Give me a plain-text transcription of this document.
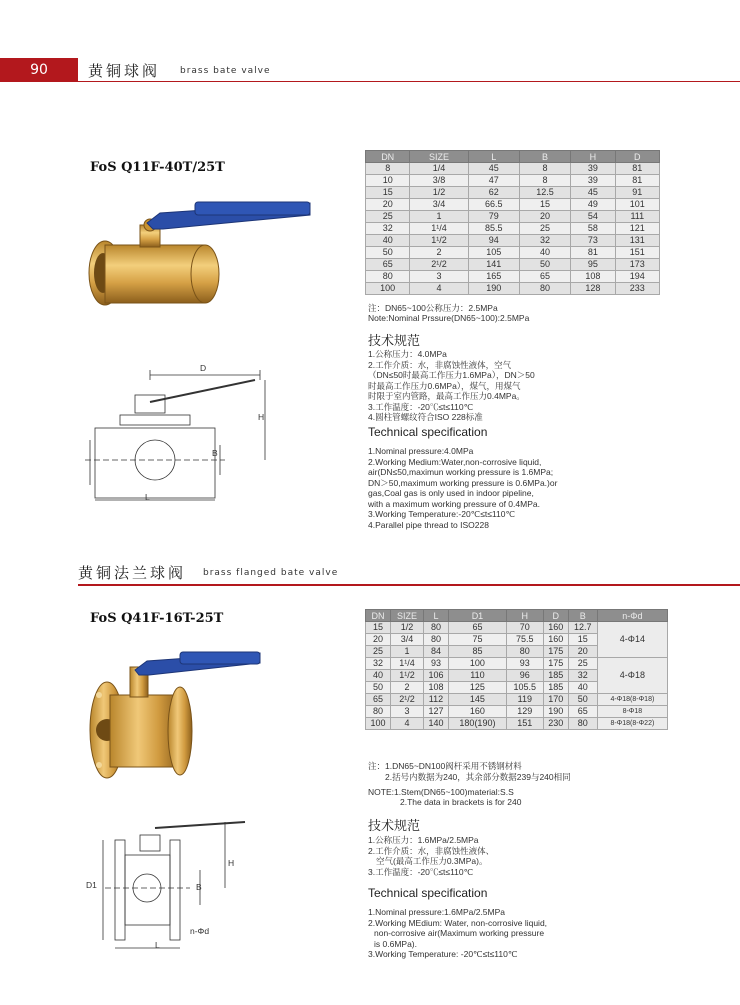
90	黄铜球阀 brass bate valve
FoS Q11F-40T/25T
D
H
B
L
DN	SIZE	L	B	H	D
8	1/4	45	8	39	81
10	3/8	47	8	39	81
15	1/2	62	12.5	45	91
20	3/4	66.5	15	49	101
25	1	79	20	54	111
32	1¹/4	85.5	25	58	121
40	1¹/2	94	32	73	131
50	2	105	40	81	151
65	2¹/2	141	50	95	173
80	3	165	65	108	194
100	4	190	80	128	233
注：DN65~100公称压力：2.5MPa
Note:Nominal Prssure(DN65~100):2.5MPa
技术规范
1.公称压力：4.0MPa
2.工作介质：水，非腐蚀性液体，空气
（DN≤50时最高工作压力1.6MPa），DN＞50
时最高工作压力0.6MPa），煤气，用煤气
时限于室内管路，最高工作压力0.4MPa。
3.工作温度：-20℃≤t≤110℃
4.圆柱管螺纹符合ISO 228标准
Technical specification
1.Nominal pressure:4.0MPa
2.Working Medium:Water,non-corrosive liquid,
air(DN≤50,maximun working pressure is 1.6MPa;
DN＞50,maximum working pressure is 0.6MPa.)or
gas,Coal gas is only used in indoor pipeline,
with a maximum working pressure of 0.4MPa.
3.Working Temperature:-20℃≤t≤110℃
4.Parallel pipe thread to ISO228
黄铜法兰球阀 brass flanged bate valve
FoS Q41F-16T-25T
H
D1	B
n-Φd
L
DN	SIZE	L	D1	H	D	B	n-Φd
15	1/2	80	65	70	160	12.7	4-Φ14
20	3/4	80	75	75.5	160	15	
25	1	84	85	80	175	20	
32	1¹/4	93	100	93	175	25	4-Φ18
40	1¹/2	106	110	96	185	32	
50	2	108	125	105.5	185	40	
65	2¹/2	112	145	119	170	50	4-Φ18(8-Φ18)
80	3	127	160	129	190	65	8-Φ18
100	4	140	180(190)	151	230	80	8-Φ18(8-Φ22)
注：1.DN65~DN100阀杆采用不锈钢材料
2.括号内数据为240，其余部分数据239与240相同
NOTE:1.Stem(DN65~100)material:S.S
2.The data in brackets is for 240
技术规范
1.公称压力：1.6MPa/2.5MPa
2.工作介质：水，非腐蚀性液体、
空气(最高工作压力0.3MPa)。
3.工作温度：-20℃≤t≤110℃
Technical specification
1.Nominal pressure:1.6MPa/2.5MPa
2.Working MEdium: Water, non-corrosive liquid,
non-corrosive air(Maximum working pressure
is 0.6MPa).
3.Working Temperature: -20℃≤t≤110℃
